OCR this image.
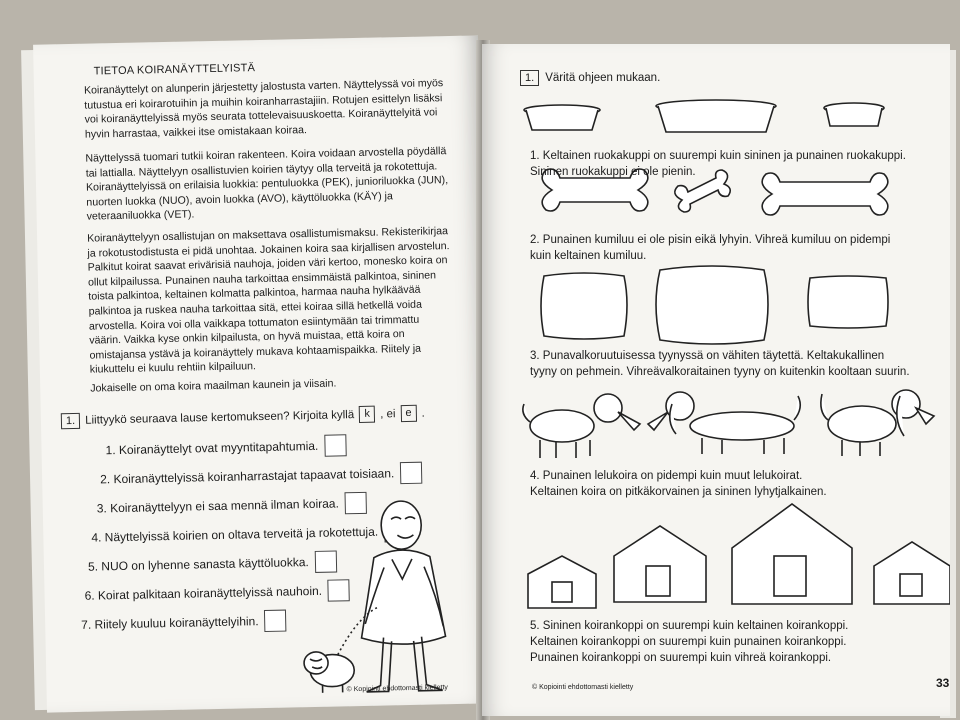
TIETOA KOIRANÄYTTELYISTÄ

Koiranäyttelyt on alunperin järjestetty jalostusta varten. Näyttelyssä voi myös tutustua eri koirarotuihin ja muihin koiranharrastajiin. Rotujen esittelyn lisäksi voi koiranäyttelyissä myös seurata tottelevaisuuskoetta. Koiranäyttelyitä voi hyvin harrastaa, vaikkei itse omistakaan koiraa.

Näyttelyssä tuomari tutkii koiran rakenteen. Koira voidaan arvostella pöydällä tai lattialla. Näyttelyyn osallistuvien koirien täytyy olla terveitä ja rokotettuja. Koiranäyttelyissä on erilaisia luokkia: pentuluokka (PEK), junioriluokka (JUN), nuorten luokka (NUO), avoin luokka (AVO), käyttöluokka (KÄY) ja veteraaniluokka (VET).

Koiranäyttelyyn osallistujan on maksettava osallistumismaksu. Rekisterikirjaa ja rokotustodistusta ei pidä unohtaa. Jokainen koira saa kirjallisen arvostelun. Palkitut koirat saavat erivärisiä nauhoja, joiden väri kertoo, monesko koira on ollut kilpailussa. Punainen nauha tarkoittaa ensimmäistä palkintoa, sininen toista palkintoa, keltainen kolmatta palkintoa, harmaa nauha hylkäävää palkintoa ja ruskea nauha tarkoittaa sitä, ettei koiraa sillä hetkellä voida arvostella. Koira voi olla vaikkapa tottumaton esiintymään tai trimmattu väärin. Vaikka kyse onkin kilpailusta, on hyvä muistaa, että koira on omistajansa ystävä ja koiranäyttely mukava kohtaamispaikka. Riitely ja kiukuttelu ei kuulu rehtiin kilpailuun.

Jokaiselle on oma koira maailman kaunein ja viisain.

1. Liittyykö seuraava lause kertomukseen? Kirjoita kyllä k , ei e .
1. Koiranäyttelyt ovat myyntitapahtumia.
2. Koiranäyttelyissä koiranharrastajat tapaavat toisiaan.
3. Koiranäyttelyyn ei saa mennä ilman koiraa.
4. Näyttelyissä koirien on oltava terveitä ja rokotettuja.
5. NUO on lyhenne sanasta käyttöluokka.
6. Koirat palkitaan koiranäyttelyissä nauhoin.
7. Riitely kuuluu koiranäyttelyihin.
© Kopiointi ehdottomasti kielletty
1. Väritä ohjeen mukaan.

1. Keltainen ruokakuppi on suurempi kuin sininen ja punainen ruokakuppi.
Sininen ruokakuppi ei ole pienin.

2. Punainen kumiluu ei ole pisin eikä lyhyin. Vihreä kumiluu on pidempi
kuin keltainen kumiluu.

3. Punavalkoruutuisessa tyynyssä on vähiten täytettä. Keltakukallinen
tyyny on pehmein. Vihreävalkoraitainen tyyny on kuitenkin kooltaan suurin.

4. Punainen lelukoira on pidempi kuin muut lelukoirat.
Keltainen koira on pitkäkorvainen ja sininen lyhytjalkainen.

5. Sininen koirankoppi on suurempi kuin keltainen koirankoppi.
Keltainen koirankoppi on suurempi kuin punainen koirankoppi.
Punainen koirankoppi on suurempi kuin vihreä koirankoppi.

© Kopiointi ehdottomasti kielletty	33
